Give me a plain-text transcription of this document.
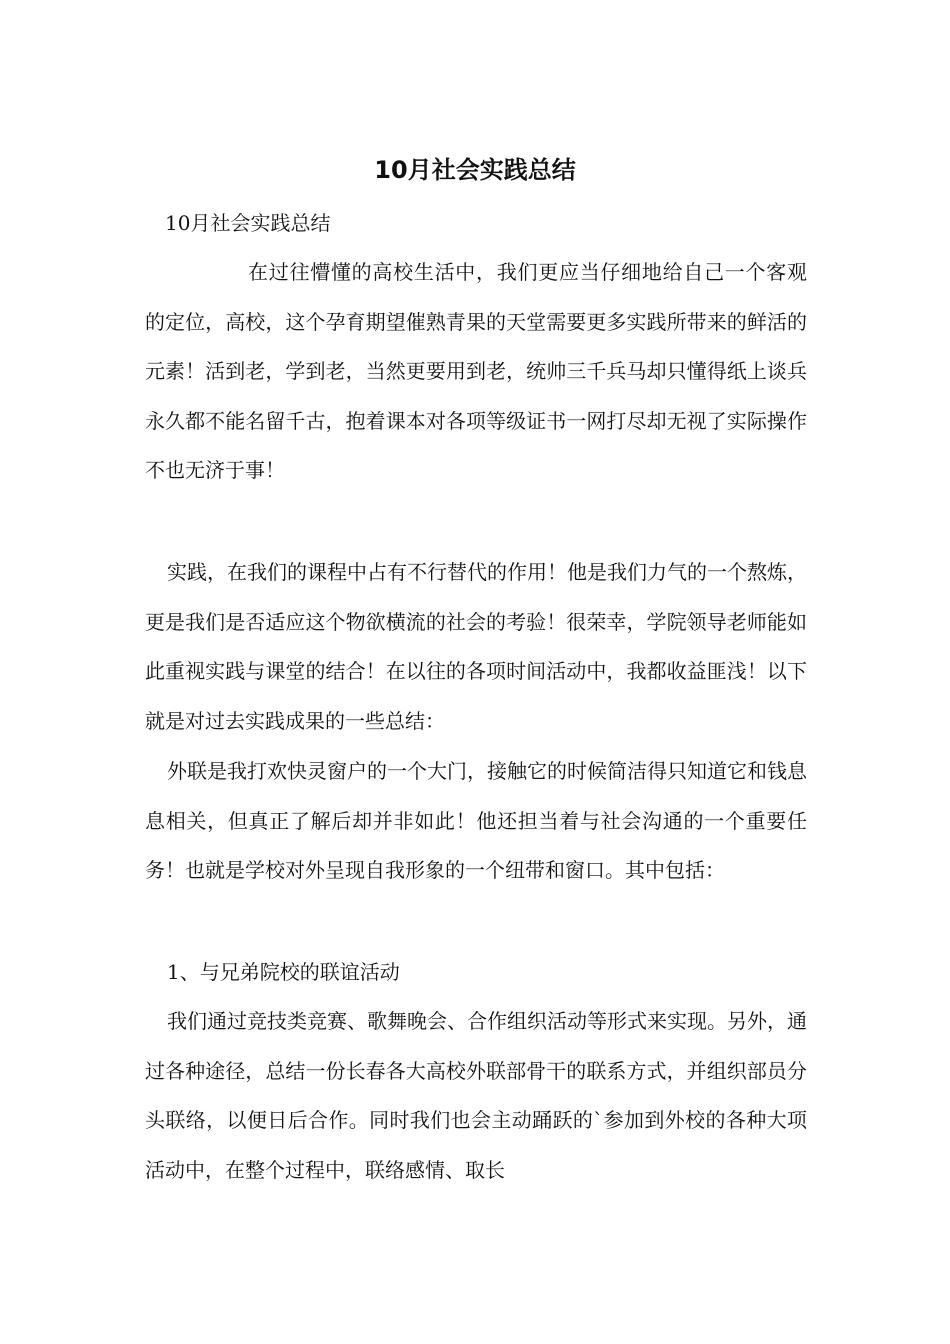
10月社会实践总结

10月社会实践总结

在过往懵懂的高校生活中，我们更应当仔细地给自己一个客观的定位，高校，这个孕育期望催熟青果的天堂需要更多实践所带来的鲜活的元素！活到老，学到老，当然更要用到老，统帅三千兵马却只懂得纸上谈兵永久都不能名留千古，抱着课本对各项等级证书一网打尽却无视了实际操作不也无济于事！

实践，在我们的课程中占有不行替代的作用！他是我们力气的一个熬炼，更是我们是否适应这个物欲横流的社会的考验！很荣幸，学院领导老师能如此重视实践与课堂的结合！在以往的各项时间活动中，我都收益匪浅！以下就是对过去实践成果的一些总结：

外联是我打欢快灵窗户的一个大门，接触它的时候简洁得只知道它和钱息息相关，但真正了解后却并非如此！他还担当着与社会沟通的一个重要任务！也就是学校对外呈现自我形象的一个纽带和窗口。其中包括：

1、与兄弟院校的联谊活动

我们通过竞技类竞赛、歌舞晚会、合作组织活动等形式来实现。另外，通过各种途径，总结一份长春各大高校外联部骨干的联系方式，并组织部员分头联络，以便日后合作。同时我们也会主动踊跃的`参加到外校的各种大项活动中，在整个过程中，联络感情、取长
